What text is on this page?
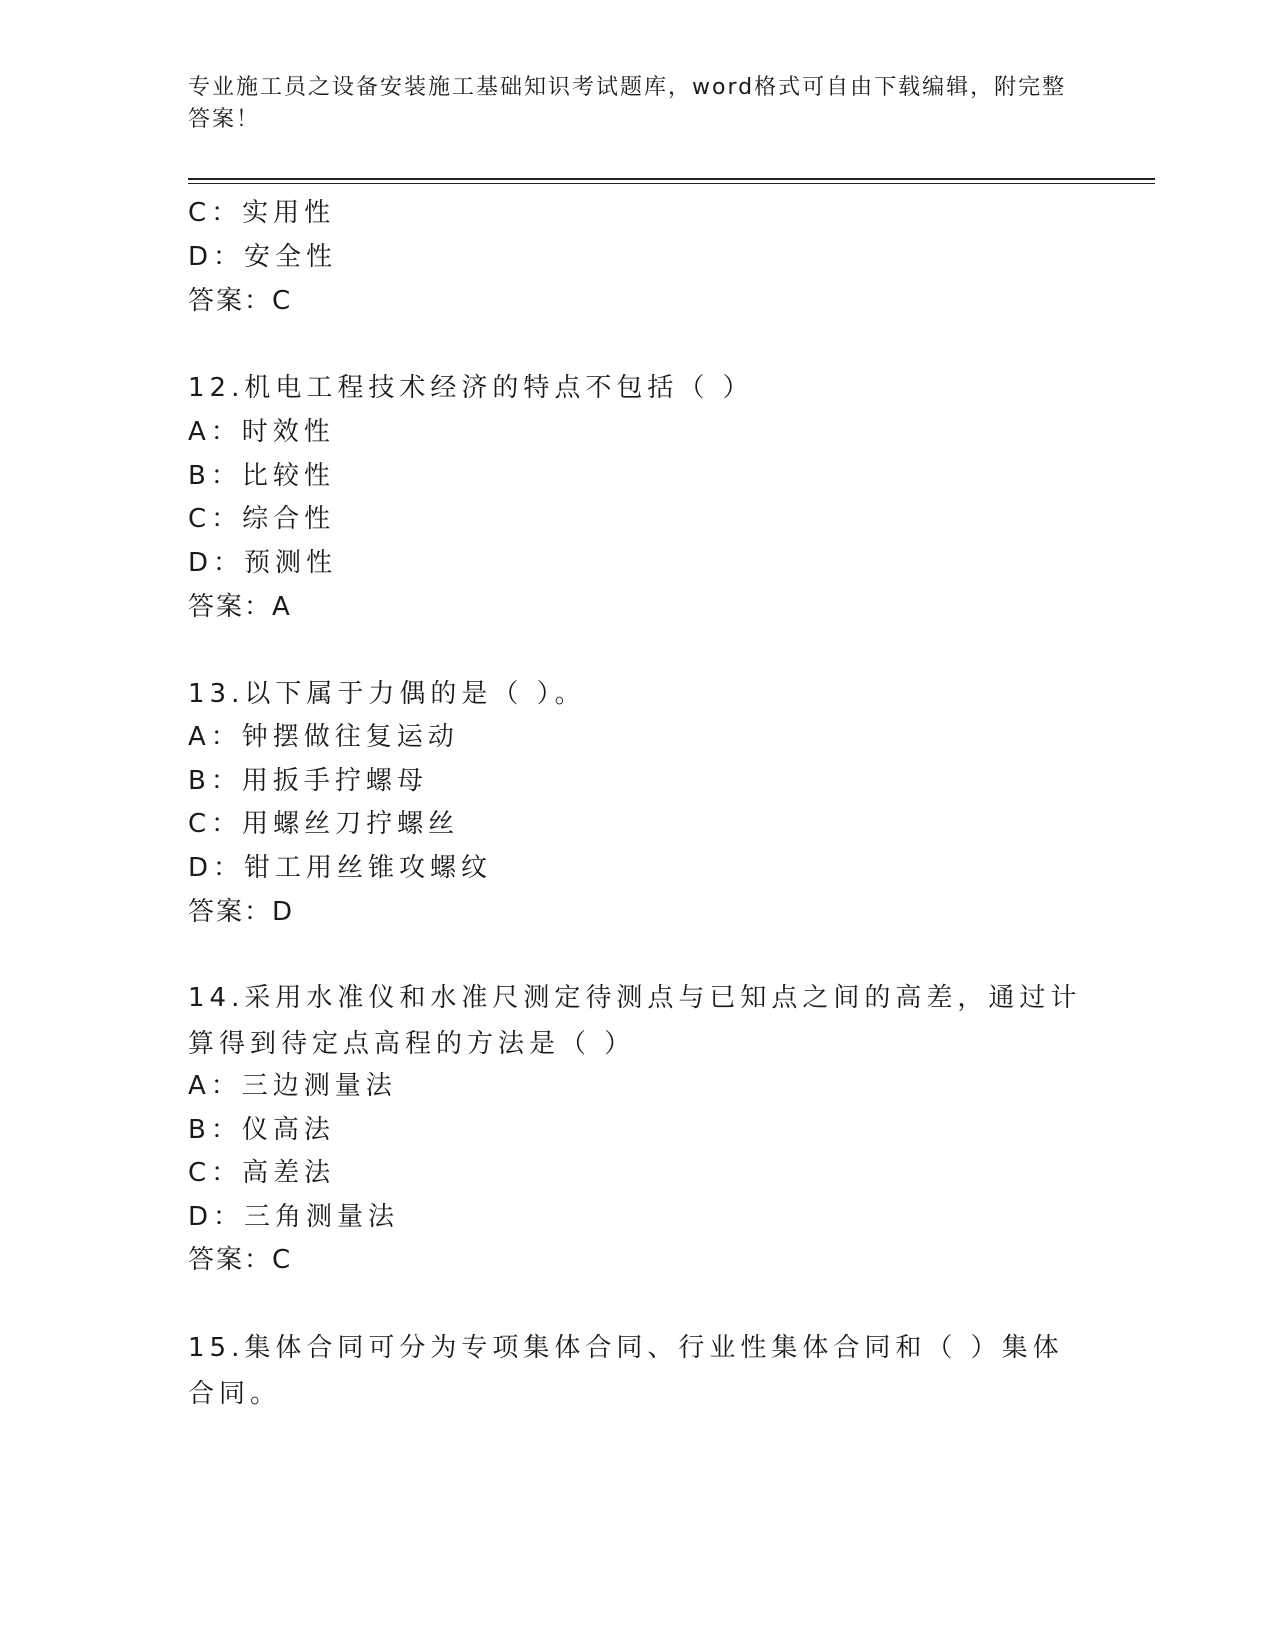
专业施工员之设备安装施工基础知识考试题库，word格式可自由下载编辑，附完整答案！
C：实用性
D：安全性
答案：C
12.机电工程技术经济的特点不包括（ ）
A：时效性
B：比较性
C：综合性
D：预测性
答案：A
13.以下属于力偶的是（ ）。
A：钟摆做往复运动
B：用扳手拧螺母
C：用螺丝刀拧螺丝
D：钳工用丝锥攻螺纹
答案：D
14.采用水准仪和水准尺测定待测点与已知点之间的高差，通过计算得到待定点高程的方法是（ ）
A：三边测量法
B：仪高法
C：高差法
D：三角测量法
答案：C
15.集体合同可分为专项集体合同、行业性集体合同和（ ）集体合同。
